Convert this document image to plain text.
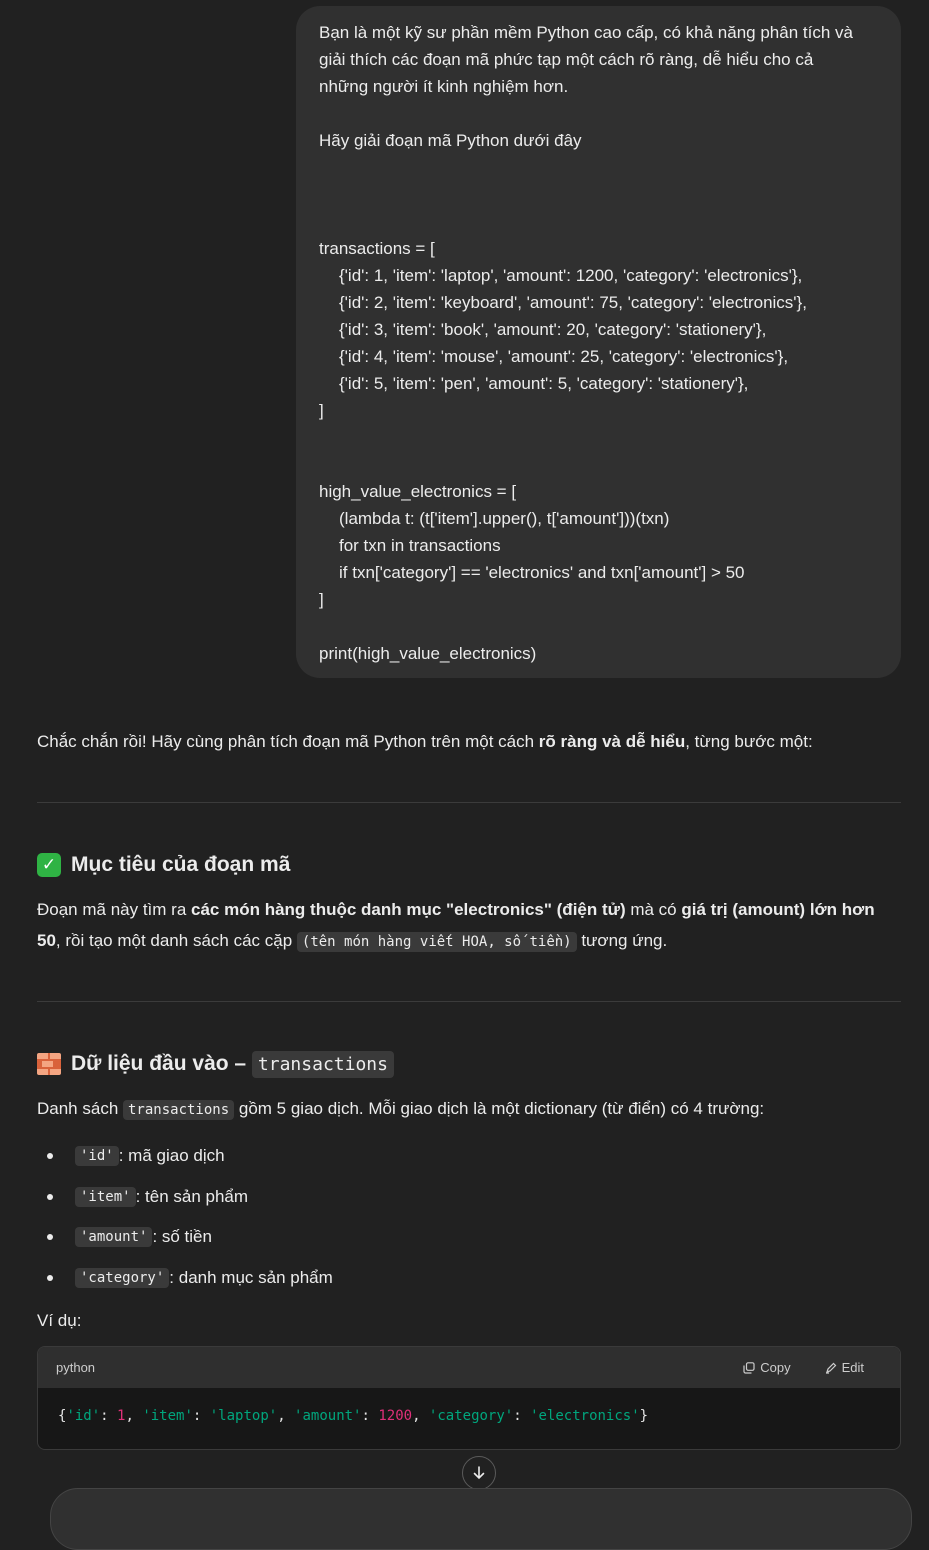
Bạn là một kỹ sư phần mềm Python cao cấp, có khả năng phân tích và
giải thích các đoạn mã phức tạp một cách rõ ràng, dễ hiểu cho cả
những người ít kinh nghiệm hơn.
Hãy giải đoạn mã Python dưới đây
transactions = [
{'id': 1, 'item': 'laptop', 'amount': 1200, 'category': 'electronics'},
{'id': 2, 'item': 'keyboard', 'amount': 75, 'category': 'electronics'},
{'id': 3, 'item': 'book', 'amount': 20, 'category': 'stationery'},
{'id': 4, 'item': 'mouse', 'amount': 25, 'category': 'electronics'},
{'id': 5, 'item': 'pen', 'amount': 5, 'category': 'stationery'},
]
high_value_electronics = [
(lambda t: (t['item'].upper(), t['amount']))(txn)
for txn in transactions
if txn['category'] == 'electronics' and txn['amount'] > 50
]
print(high_value_electronics)
Chắc chắn rồi! Hãy cùng phân tích đoạn mã Python trên một cách rõ ràng và dễ hiểu, từng bước một:
✓ Mục tiêu của đoạn mã
Đoạn mã này tìm ra các món hàng thuộc danh mục "electronics" (điện tử) mà có giá trị (amount) lớn hơn 50, rồi tạo một danh sách các cặp (tên món hàng viết HOA, số tiền) tương ứng.
Dữ liệu đầu vào – transactions
Danh sách transactions gồm 5 giao dịch. Mỗi giao dịch là một dictionary (từ điển) có 4 trường:
'id' : mã giao dịch
'item' : tên sản phẩm
'amount' : số tiền
'category' : danh mục sản phẩm
Ví dụ:
python	Copy	Edit
{'id': 1, 'item': 'laptop', 'amount': 1200, 'category': 'electronics'}
